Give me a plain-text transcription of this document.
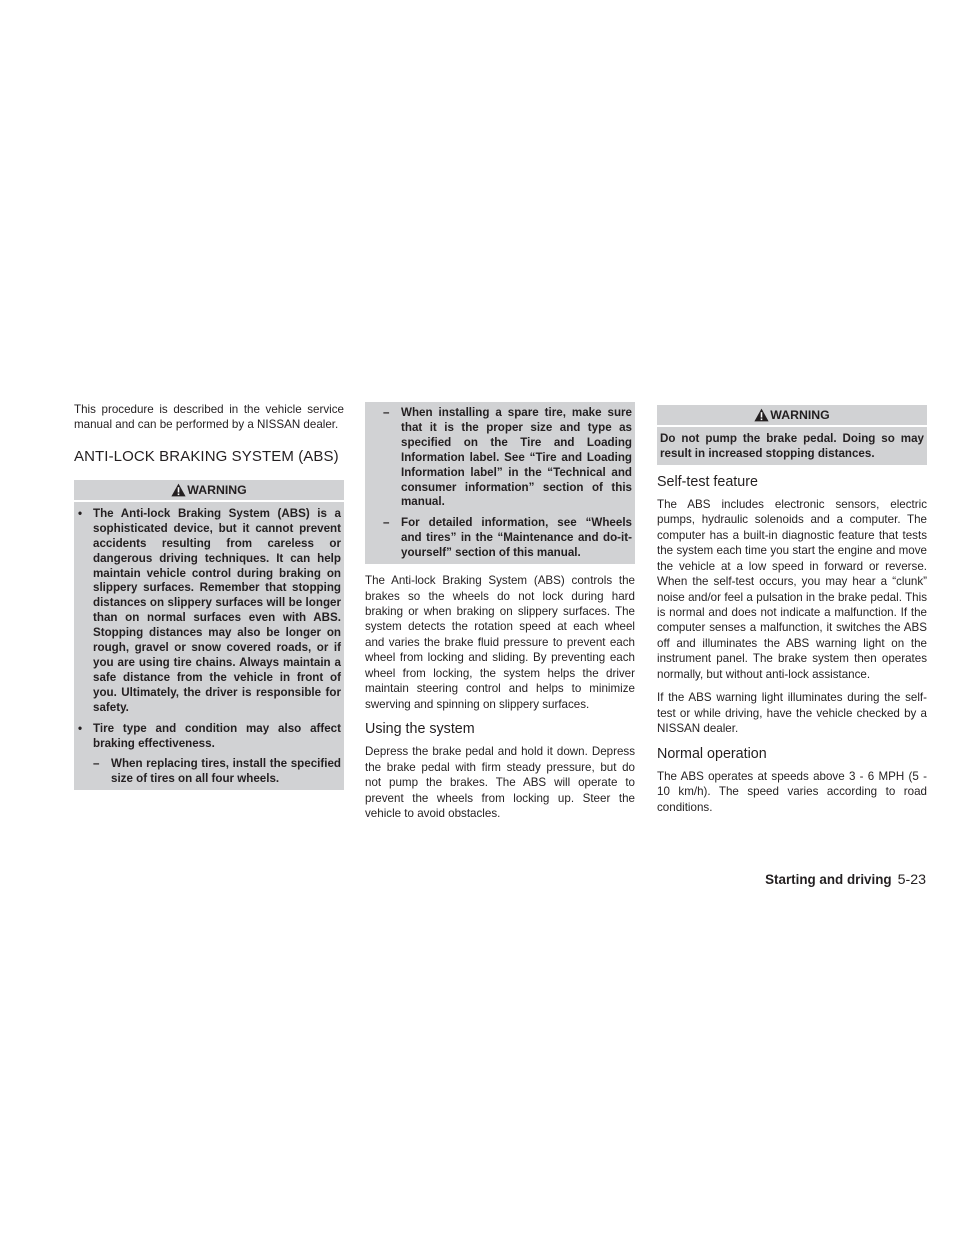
This procedure is described in the vehicle service manual and can be performed by a NISSAN dealer.

ANTI-LOCK BRAKING SYSTEM (ABS)
WARNING
• The Anti-lock Braking System (ABS) is a sophisticated device, but it cannot prevent accidents resulting from careless or dangerous driving techniques. It can help maintain vehicle control during braking on slippery surfaces. Remember that stopping distances on slippery surfaces will be longer than on normal surfaces even with ABS. Stopping distances may also be longer on rough, gravel or snow covered roads, or if you are using tire chains. Always maintain a safe distance from the vehicle in front of you. Ultimately, the driver is responsible for safety.

• Tire type and condition may also affect braking effectiveness.

– When replacing tires, install the specified size of tires on all four wheels.

– When installing a spare tire, make sure that it is the proper size and type as specified on the Tire and Loading Information label. See “Tire and Loading Information label” in the “Technical and consumer information” section of this manual.

– For detailed information, see “Wheels and tires” in the “Maintenance and do-it-yourself” section of this manual.

The Anti-lock Braking System (ABS) controls the brakes so the wheels do not lock during hard braking or when braking on slippery surfaces. The system detects the rotation speed at each wheel and varies the brake fluid pressure to prevent each wheel from locking and sliding. By preventing each wheel from locking, the system helps the driver maintain steering control and helps to minimize swerving and spinning on slippery surfaces.

Using the system

Depress the brake pedal and hold it down. Depress the brake pedal with firm steady pressure, but do not pump the brakes. The ABS will operate to prevent the wheels from locking up. Steer the vehicle to avoid obstacles.

WARNING

Do not pump the brake pedal. Doing so may result in increased stopping distances.

Self-test feature

The ABS includes electronic sensors, electric pumps, hydraulic solenoids and a computer. The computer has a built-in diagnostic feature that tests the system each time you start the engine and move the vehicle at a low speed in forward or reverse. When the self-test occurs, you may hear a “clunk” noise and/or feel a pulsation in the brake pedal. This is normal and does not indicate a malfunction. If the computer senses a malfunction, it switches the ABS off and illuminates the ABS warning light on the instrument panel. The brake system then operates normally, but without anti-lock assistance.

If the ABS warning light illuminates during the self-test or while driving, have the vehicle checked by a NISSAN dealer.

Normal operation

The ABS operates at speeds above 3 - 6 MPH (5 - 10 km/h). The speed varies according to road conditions.

Starting and driving 5-23
